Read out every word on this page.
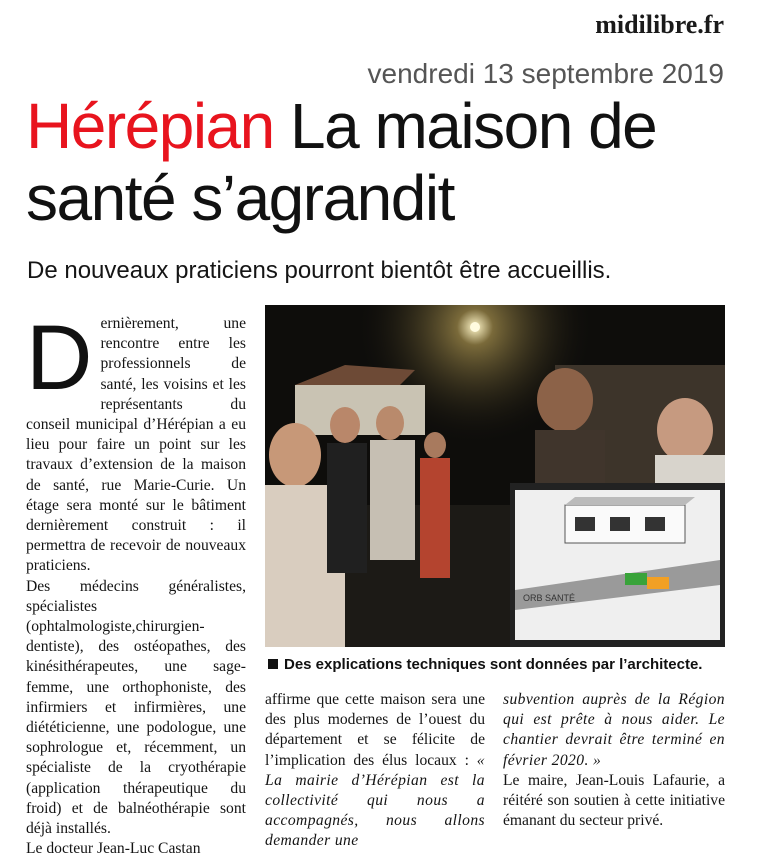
midilibre.fr
vendredi 13 septembre 2019
Hérépian La maison de santé s’agrandit
De nouveaux praticiens pourront bientôt être accueillis.
D ernièrement, une rencontre entre les professionnels de santé, les voisins et les représentants du conseil municipal d’Hérépian a eu lieu pour faire un point sur les travaux d’extension de la maison de santé, rue Marie-Curie. Un étage sera monté sur le bâtiment dernièrement construit : il permettra de recevoir de nouveaux praticiens.

Des médecins généralistes, spécialistes (ophtalmologiste,chirurgien-dentiste), des ostéopathes, des kinésithérapeutes, une sage-femme, une orthophoniste, des infirmiers et infirmières, une diététicienne, une podologue, une sophrologue et, récemment, un spécialiste de la cryothérapie (application thérapeutique du froid) et de balnéothérapie sont déjà installés.

Le docteur Jean-Luc Castan

ORB SANTÉ
Des explications techniques sont données par l’architecte.

affirme que cette maison sera une des plus modernes de l’ouest du département et se félicite de l’implication des élus locaux : « La mairie d’Hérépian est la collectivité qui nous a accompagnés, nous allons demander une

subvention auprès de la Région qui est prête à nous aider. Le chantier devrait être terminé en février 2020. »

Le maire, Jean-Louis Lafaurie, a réitéré son soutien à cette initiative émanant du secteur privé.
